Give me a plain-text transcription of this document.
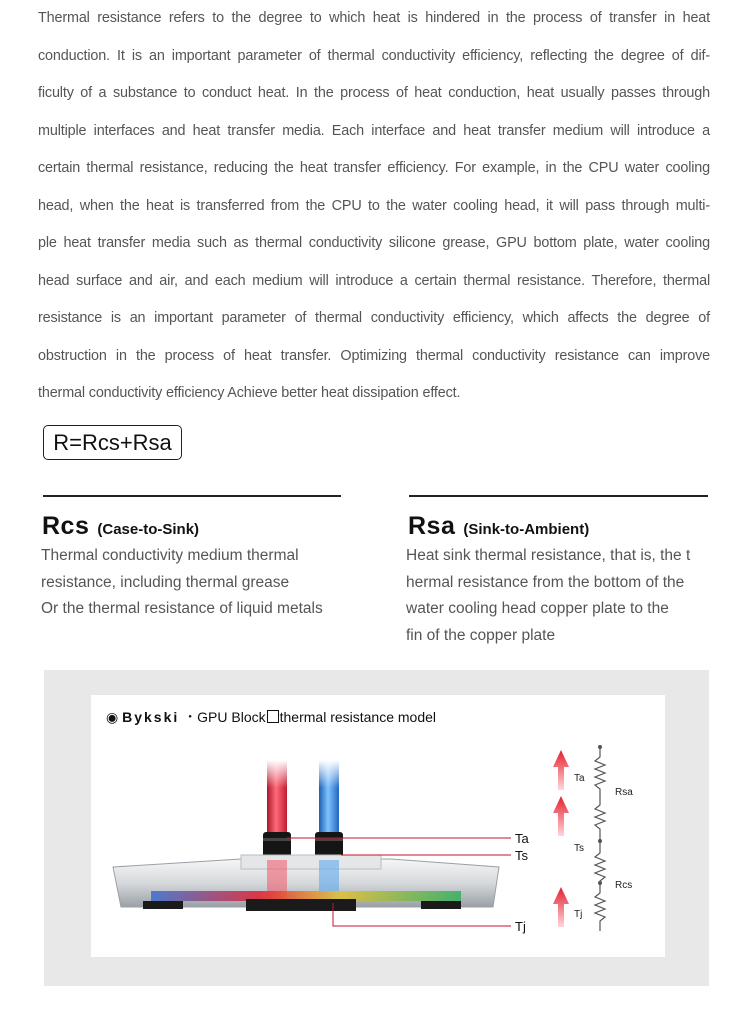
Thermal resistance refers to the degree to which heat is hindered in the process of transfer in heat
conduction. It is an important parameter of thermal conductivity efficiency, reflecting the degree of dif-
ficulty of a substance to conduct heat. In the process of heat conduction, heat usually passes through
multiple interfaces and heat transfer media. Each interface and heat transfer medium will introduce a
certain thermal resistance, reducing the heat transfer efficiency. For example, in the CPU water cooling
head, when the heat is transferred from the CPU to the water cooling head, it will pass through multi-
ple heat transfer media such as thermal conductivity silicone grease, GPU bottom plate, water cooling
head surface and air, and each medium will introduce a certain thermal resistance. Therefore, thermal
resistance is an important parameter of thermal conductivity efficiency, which affects the degree of
obstruction in the process of heat transfer. Optimizing thermal conductivity resistance can improve
thermal conductivity efficiency Achieve better heat dissipation effect.

R=Rcs+Rsa
Rcs (Case-to-Sink)

Thermal conductivity medium thermal
resistance, including thermal grease
Or the thermal resistance of liquid metals

Rsa (Sink-to-Ambient)

Heat sink thermal resistance, that is, the t
hermal resistance from the bottom of the
water cooling head copper plate to the
fin of the copper plate

◉ Bykski ・GPU Block thermal resistance model
Ta
Ts
Tj
Ta
Ts
Tj
Rsa
Rcs
